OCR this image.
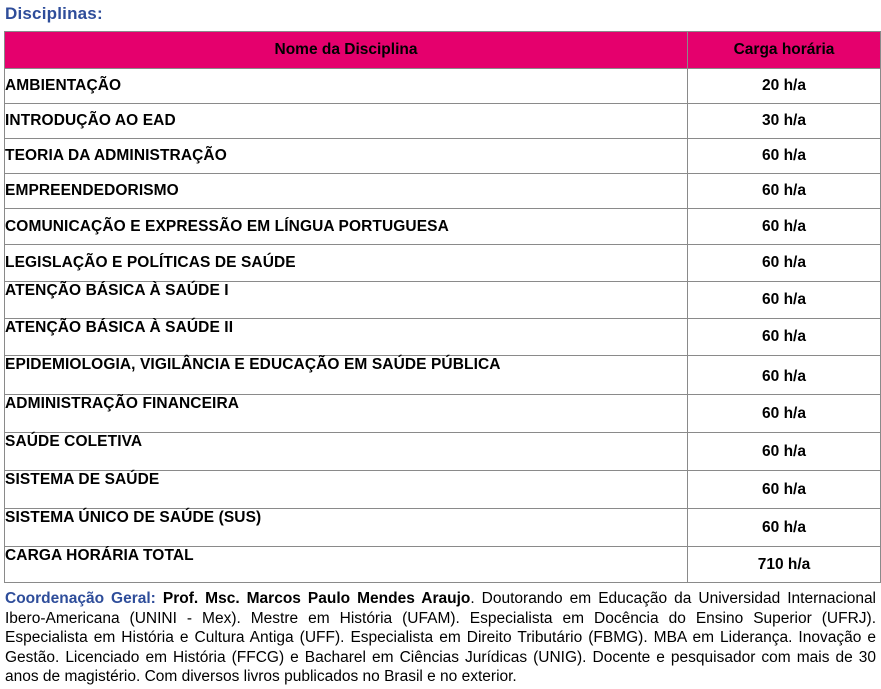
Disciplinas:
Nome da Disciplina	Carga horária
AMBIENTAÇÃO	20 h/a
INTRODUÇÃO AO EAD	30 h/a
TEORIA DA ADMINISTRAÇÃO	60 h/a
EMPREENDEDORISMO	60 h/a
COMUNICAÇÃO E EXPRESSÃO EM LÍNGUA PORTUGUESA	60 h/a
LEGISLAÇÃO E POLÍTICAS DE SAÚDE	60 h/a
ATENÇÃO BÁSICA À SAÚDE I	60 h/a
ATENÇÃO BÁSICA À SAÚDE II	60 h/a
EPIDEMIOLOGIA, VIGILÂNCIA E EDUCAÇÃO EM SAÚDE PÚBLICA	60 h/a
ADMINISTRAÇÃO FINANCEIRA	60 h/a
SAÚDE COLETIVA	60 h/a
SISTEMA DE SAÚDE	60 h/a
SISTEMA ÚNICO DE SAÚDE (SUS)	60 h/a
CARGA HORÁRIA TOTAL	710 h/a
Coordenação Geral: Prof. Msc. Marcos Paulo Mendes Araujo. Doutorando em Educação da Universidad Internacional Ibero-Americana (UNINI - Mex). Mestre em História (UFAM). Especialista em Docência do Ensino Superior (UFRJ). Especialista em História e Cultura Antiga (UFF). Especialista em Direito Tributário (FBMG). MBA em Liderança. Inovação e Gestão. Licenciado em História (FFCG) e Bacharel em Ciências Jurídicas (UNIG). Docente e pesquisador com mais de 30 anos de magistério. Com diversos livros publicados no Brasil e no exterior.
